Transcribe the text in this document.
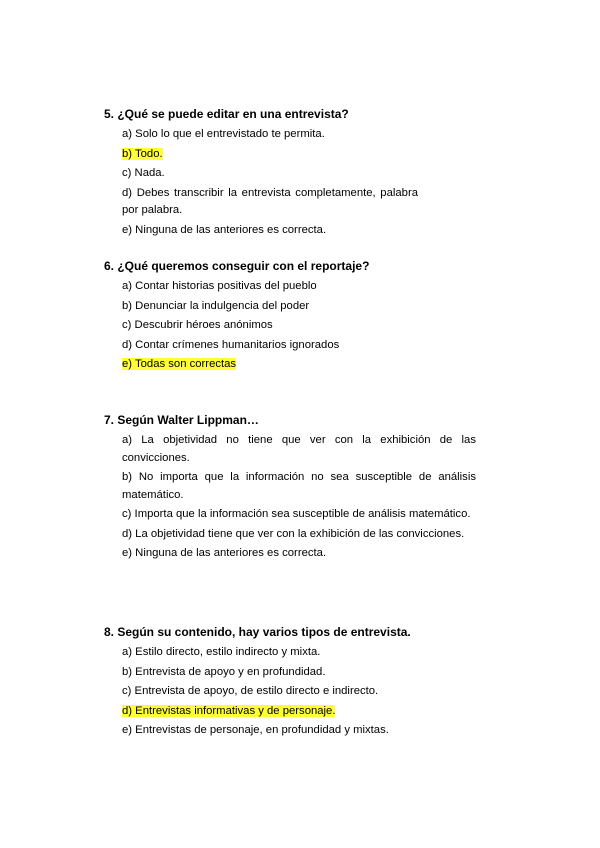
5. ¿Qué se puede editar en una entrevista?

a) Solo lo que el entrevistado te permita.
b) Todo.
c) Nada.
d) Debes transcribir la entrevista completamente, palabra por palabra.
e) Ninguna de las anteriores es correcta.

6. ¿Qué queremos conseguir con el reportaje?

a) Contar historias positivas del pueblo
b) Denunciar la indulgencia del poder
c) Descubrir héroes anónimos
d) Contar crímenes humanitarios ignorados
e) Todas son correctas

7. Según Walter Lippman…

a) La objetividad no tiene que ver con la exhibición de las convicciones.
b) No importa que la información no sea susceptible de análisis matemático.
c) Importa que la información sea susceptible de análisis matemático.
d) La objetividad tiene que ver con la exhibición de las convicciones.
e) Ninguna de las anteriores es correcta.

8. Según su contenido, hay varios tipos de entrevista.

a) Estilo directo, estilo indirecto y mixta.
b) Entrevista de apoyo y en profundidad.
c) Entrevista de apoyo, de estilo directo e indirecto.
d) Entrevistas informativas y de personaje.
e) Entrevistas de personaje, en profundidad y mixtas.
